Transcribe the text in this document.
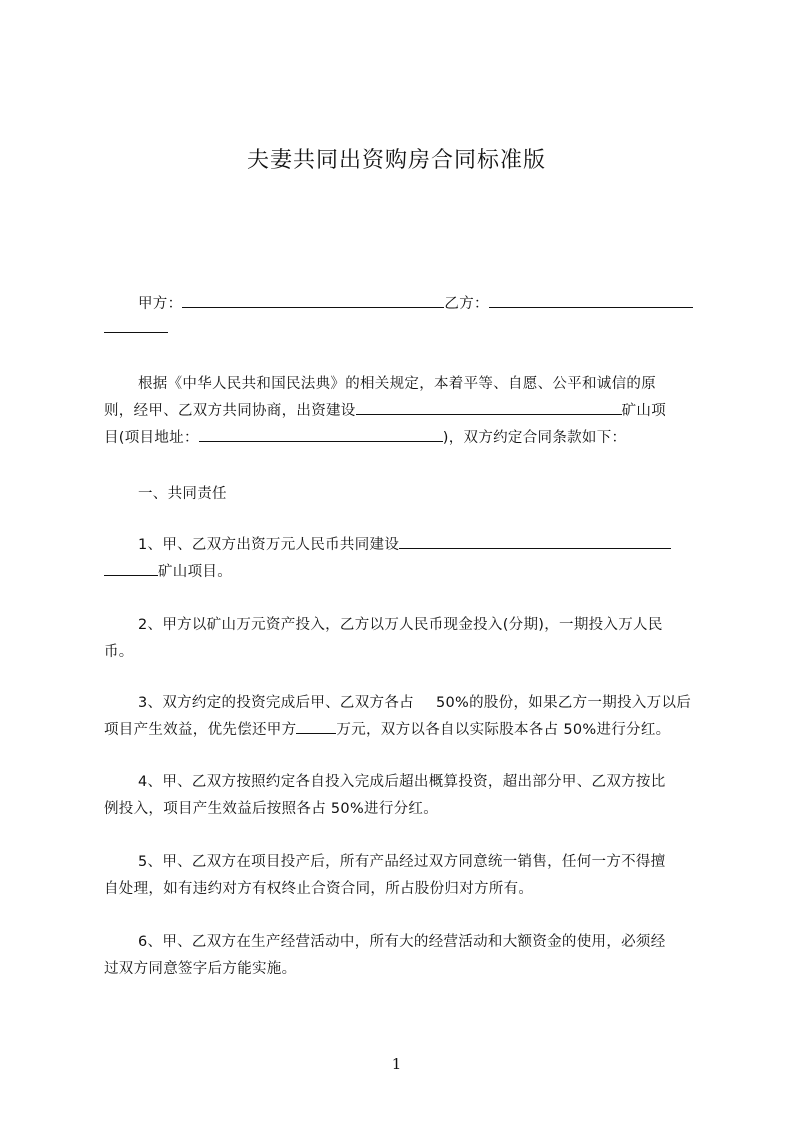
夫妻共同出资购房合同标准版
甲方：	乙方：
根据《中华人民共和国民法典》的相关规定，本着平等、自愿、公平和诚信的原
则，经甲、乙双方共同协商，出资建设	矿山项
目(项目地址：	)，双方约定合同条款如下：
一、共同责任
1、甲、乙双方出资万元人民币共同建设
矿山项目。
2、甲方以矿山万元资产投入，乙方以万人民币现金投入(分期)，一期投入万人民
币。
3、双方约定的投资完成后甲、乙双方各占 50%的股份，如果乙方一期投入万以后
项目产生效益，优先偿还甲方	万元，双方以各自以实际股本各占 50%进行分红。
4、甲、乙双方按照约定各自投入完成后超出概算投资，超出部分甲、乙双方按比
例投入，项目产生效益后按照各占 50%进行分红。
5、甲、乙双方在项目投产后，所有产品经过双方同意统一销售，任何一方不得擅
自处理，如有违约对方有权终止合资合同，所占股份归对方所有。
6、甲、乙双方在生产经营活动中，所有大的经营活动和大额资金的使用，必须经
过双方同意签字后方能实施。
1
